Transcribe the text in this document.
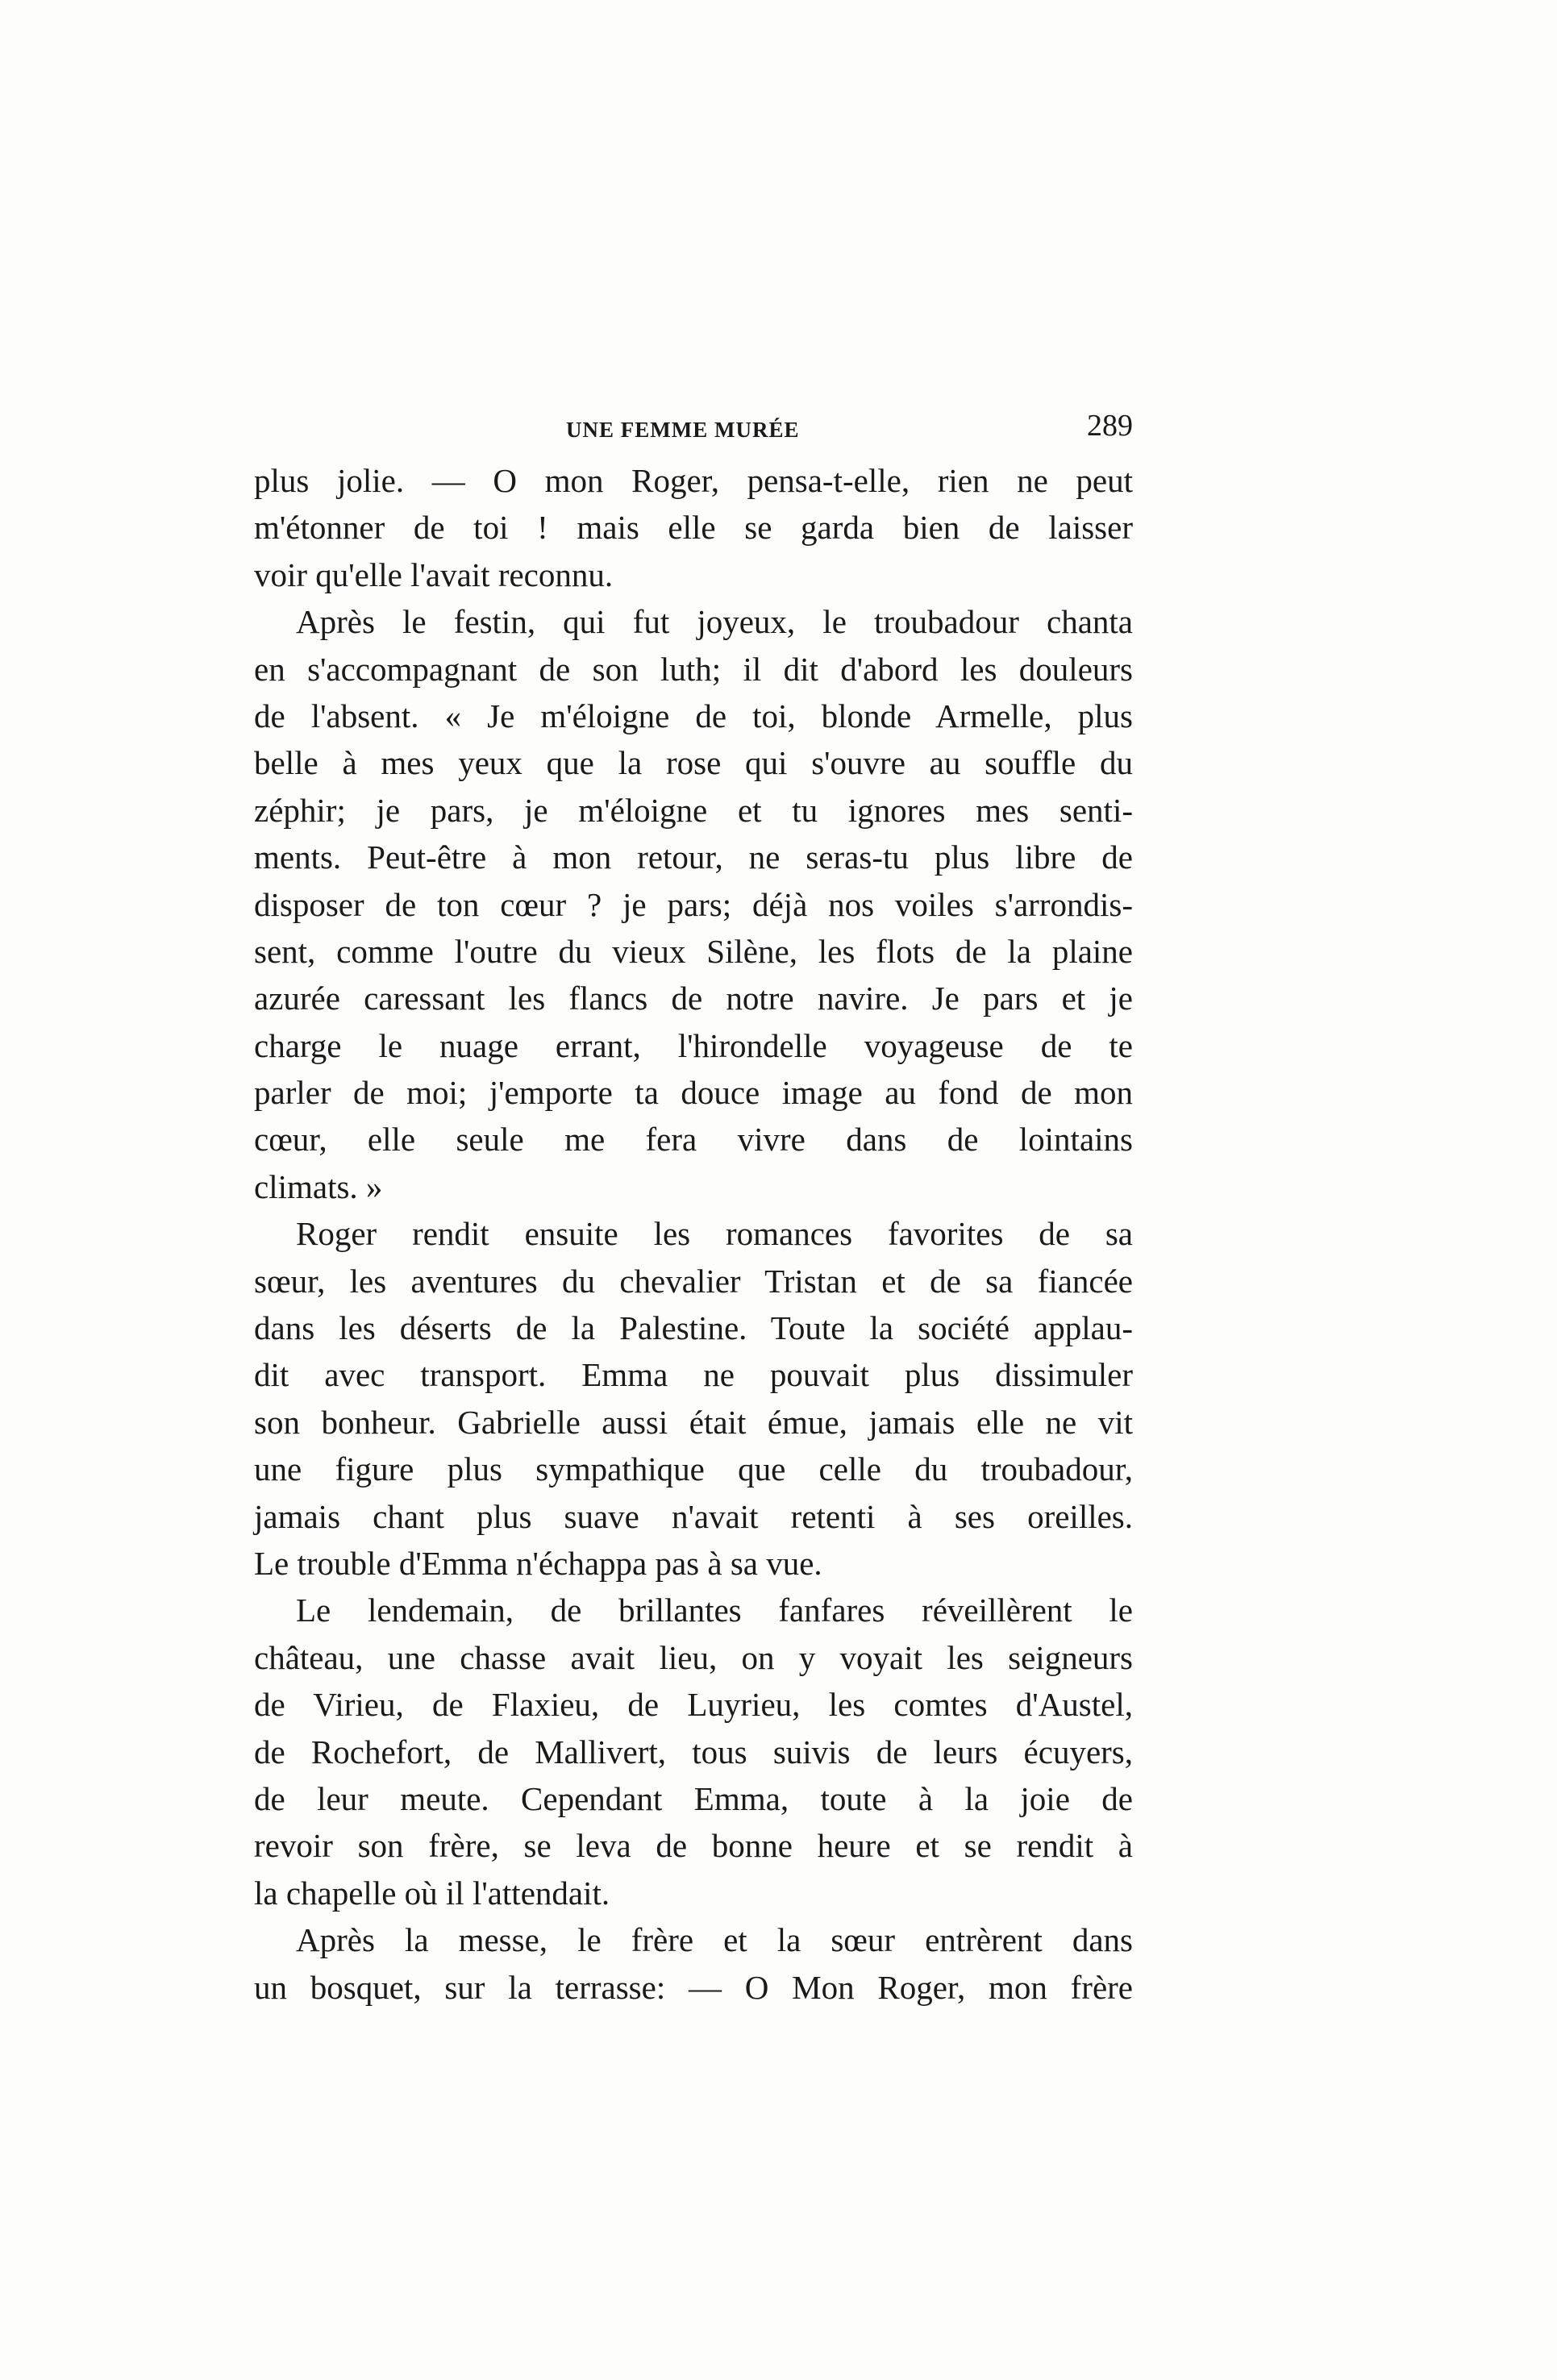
UNE FEMME MURÉE	289
plus jolie. — O mon Roger, pensa-t-elle, rien ne peut
m'étonner de toi ! mais elle se garda bien de laisser
voir qu'elle l'avait reconnu.
Après le festin, qui fut joyeux, le troubadour chanta
en s'accompagnant de son luth; il dit d'abord les douleurs
de l'absent. « Je m'éloigne de toi, blonde Armelle, plus
belle à mes yeux que la rose qui s'ouvre au souffle du
zéphir; je pars, je m'éloigne et tu ignores mes senti-
ments. Peut-être à mon retour, ne seras-tu plus libre de
disposer de ton cœur ? je pars; déjà nos voiles s'arrondis-
sent, comme l'outre du vieux Silène, les flots de la plaine
azurée caressant les flancs de notre navire. Je pars et je
charge le nuage errant, l'hirondelle voyageuse de te
parler de moi; j'emporte ta douce image au fond de mon
cœur, elle seule me fera vivre dans de lointains
climats. »
Roger rendit ensuite les romances favorites de sa
sœur, les aventures du chevalier Tristan et de sa fiancée
dans les déserts de la Palestine. Toute la société applau-
dit avec transport. Emma ne pouvait plus dissimuler
son bonheur. Gabrielle aussi était émue, jamais elle ne vit
une figure plus sympathique que celle du troubadour,
jamais chant plus suave n'avait retenti à ses oreilles.
Le trouble d'Emma n'échappa pas à sa vue.
Le lendemain, de brillantes fanfares réveillèrent le
château, une chasse avait lieu, on y voyait les seigneurs
de Virieu, de Flaxieu, de Luyrieu, les comtes d'Austel,
de Rochefort, de Mallivert, tous suivis de leurs écuyers,
de leur meute. Cependant Emma, toute à la joie de
revoir son frère, se leva de bonne heure et se rendit à
la chapelle où il l'attendait.
Après la messe, le frère et la sœur entrèrent dans
un bosquet, sur la terrasse: — O Mon Roger, mon frère
